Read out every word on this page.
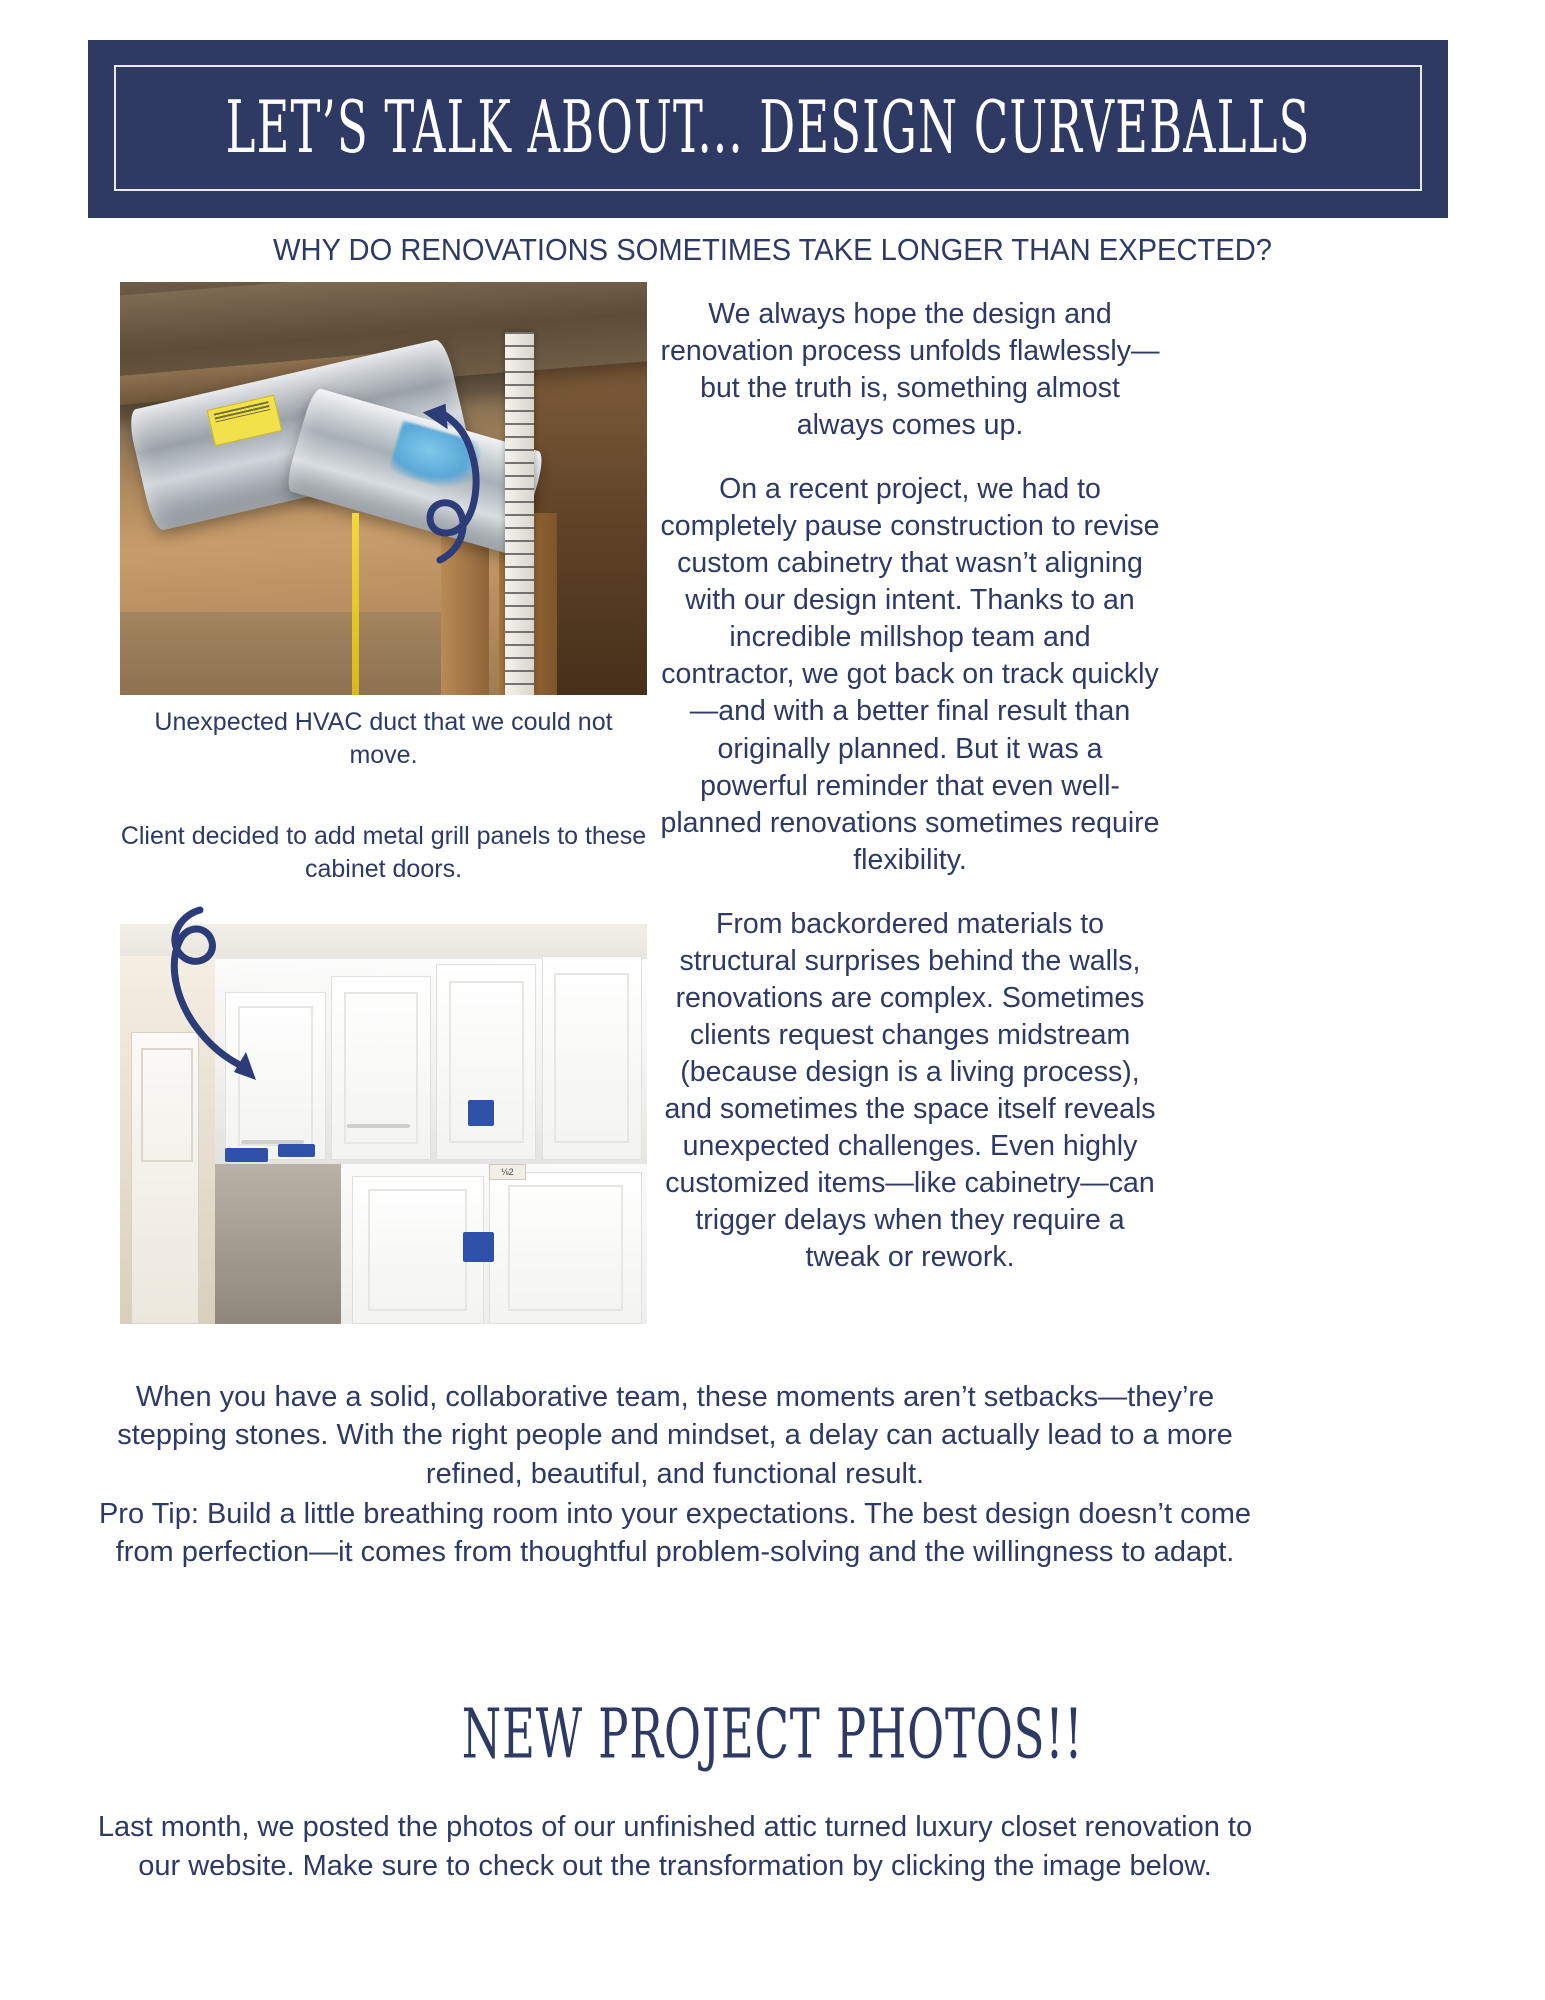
LET’S TALK ABOUT... DESIGN CURVEBALLS
WHY DO RENOVATIONS SOMETIMES TAKE LONGER THAN EXPECTED?
Unexpected HVAC duct that we could not move.
Client decided to add metal grill panels to these cabinet doors.
⅛2

We always hope the design and renovation process unfolds flawlessly—but the truth is, something almost always comes up.

On a recent project, we had to completely pause construction to revise custom cabinetry that wasn’t aligning with our design intent. Thanks to an incredible millshop team and contractor, we got back on track quickly—and with a better final result than originally planned. But it was a powerful reminder that even well-planned renovations sometimes require flexibility.

From backordered materials to structural surprises behind the walls, renovations are complex. Sometimes clients request changes midstream (because design is a living process), and sometimes the space itself reveals unexpected challenges. Even highly customized items—like cabinetry—can trigger delays when they require a tweak or rework.

When you have a solid, collaborative team, these moments aren’t setbacks—they’re stepping stones. With the right people and mindset, a delay can actually lead to a more refined, beautiful, and functional result.

Pro Tip: Build a little breathing room into your expectations. The best design doesn’t come from perfection—it comes from thoughtful problem-solving and the willingness to adapt.

NEW PROJECT PHOTOS!!
Last month, we posted the photos of our unfinished attic turned luxury closet renovation to our website. Make sure to check out the transformation by clicking the image below.
